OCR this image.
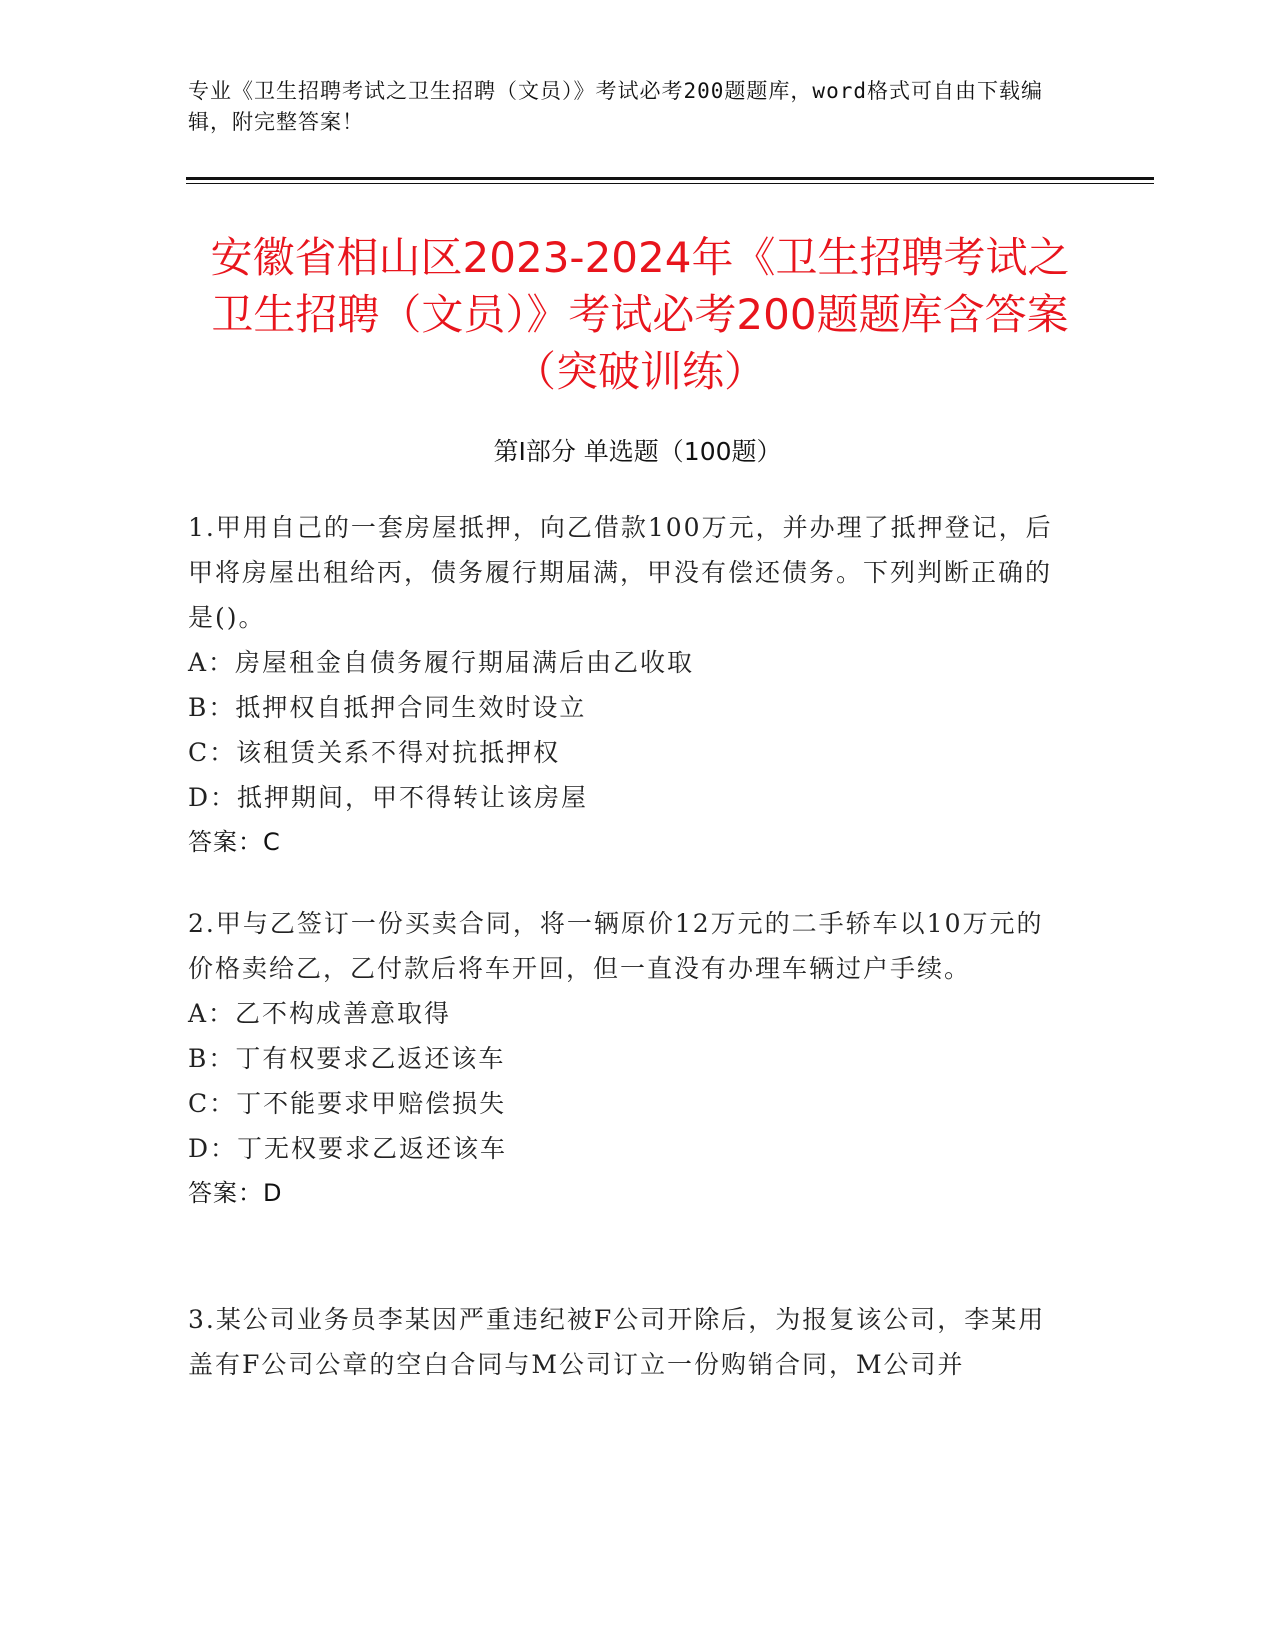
专业《卫生招聘考试之卫生招聘（文员）》考试必考200题题库，word格式可自由下载编辑，附完整答案！
安徽省相山区2023-2024年《卫生招聘考试之卫生招聘（文员）》考试必考200题题库含答案（突破训练）
第Ⅰ部分 单选题（100题）

1.甲用自己的一套房屋抵押，向乙借款100万元，并办理了抵押登记，后甲将房屋出租给丙，债务履行期届满，甲没有偿还债务。下列判断正确的是()。

A：房屋租金自债务履行期届满后由乙收取

B：抵押权自抵押合同生效时设立

C：该租赁关系不得对抗抵押权

D：抵押期间，甲不得转让该房屋

答案：C

2.甲与乙签订一份买卖合同，将一辆原价12万元的二手轿车以10万元的价格卖给乙，乙付款后将车开回，但一直没有办理车辆过户手续。

A：乙不构成善意取得

B：丁有权要求乙返还该车

C：丁不能要求甲赔偿损失

D：丁无权要求乙返还该车

答案：D

3.某公司业务员李某因严重违纪被F公司开除后，为报复该公司，李某用盖有F公司公章的空白合同与M公司订立一份购销合同，M公司并
